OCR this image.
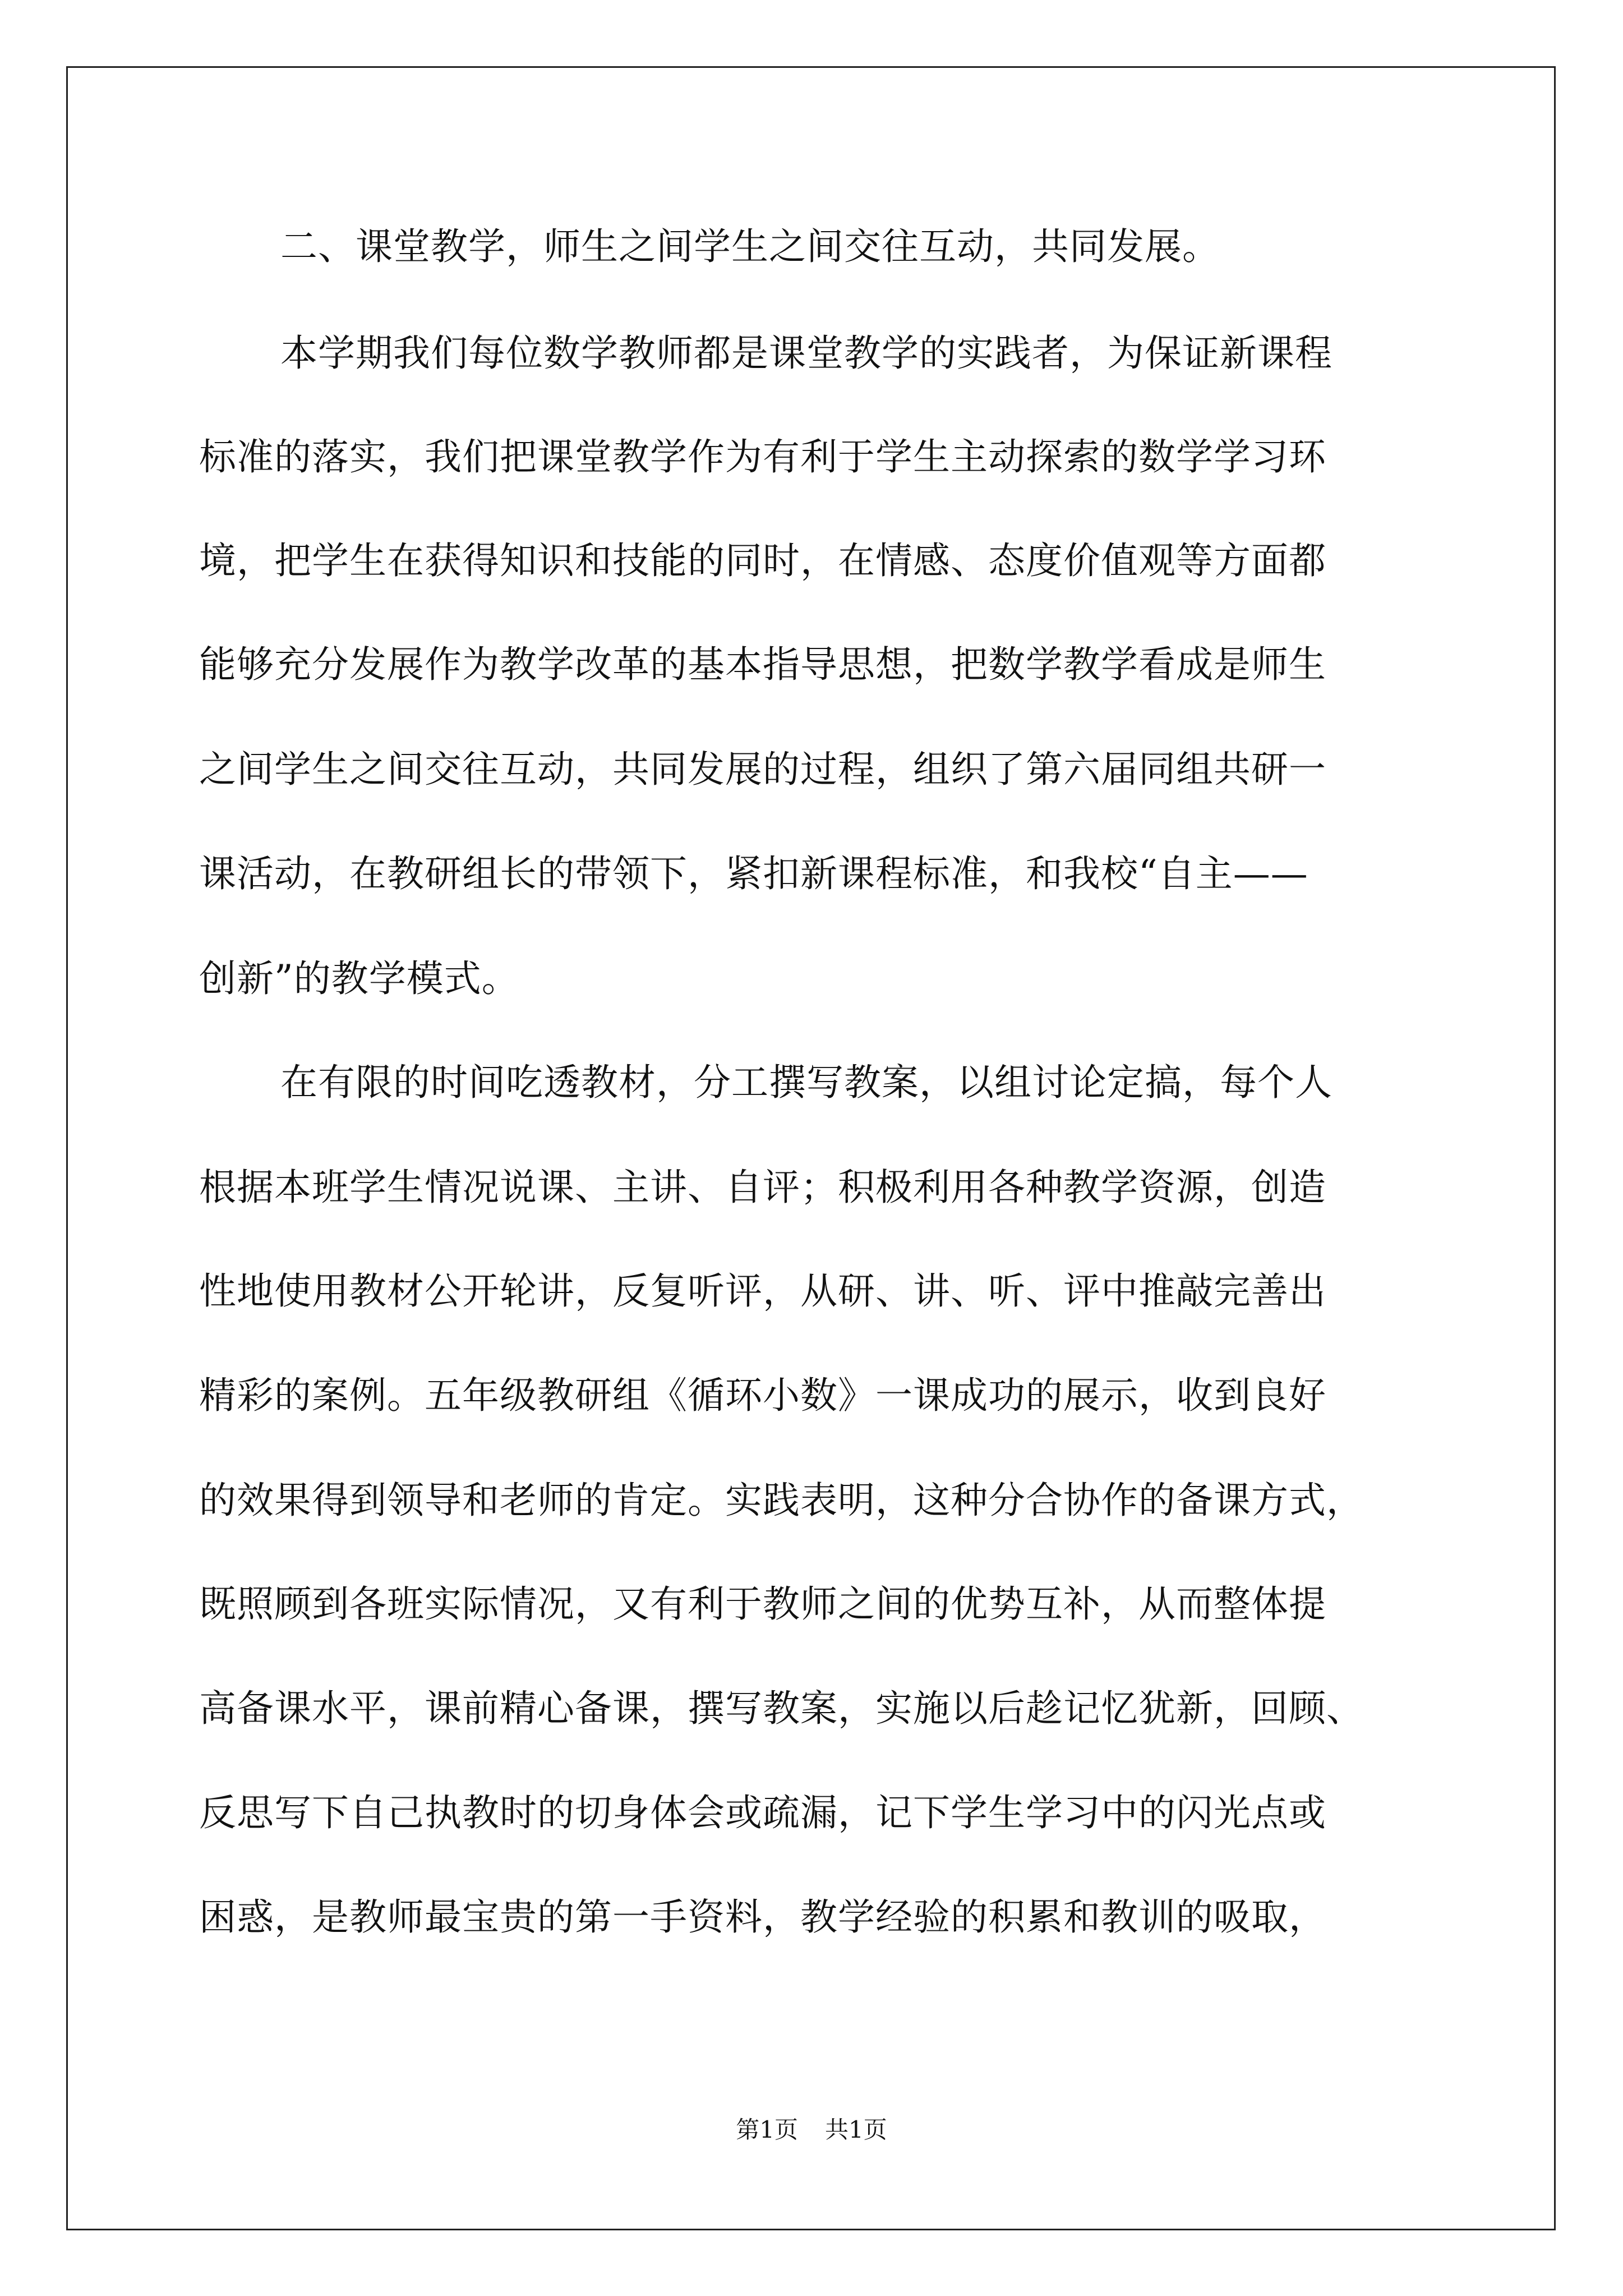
二、课堂教学，师生之间学生之间交往互动，共同发展。
本学期我们每位数学教师都是课堂教学的实践者，为保证新课程
标准的落实，我们把课堂教学作为有利于学生主动探索的数学学习环
境，把学生在获得知识和技能的同时，在情感、态度价值观等方面都
能够充分发展作为教学改革的基本指导思想，把数学教学看成是师生
之间学生之间交往互动，共同发展的过程，组织了第六届同组共研一
课活动，在教研组长的带领下，紧扣新课程标准，和我校“自主——
创新”的教学模式。
在有限的时间吃透教材，分工撰写教案，以组讨论定搞，每个人
根据本班学生情况说课、主讲、自评；积极利用各种教学资源，创造
性地使用教材公开轮讲，反复听评，从研、讲、听、评中推敲完善出
精彩的案例。五年级教研组《循环小数》一课成功的展示，收到良好
的效果得到领导和老师的肯定。实践表明，这种分合协作的备课方式，
既照顾到各班实际情况，又有利于教师之间的优势互补，从而整体提
高备课水平，课前精心备课，撰写教案，实施以后趁记忆犹新，回顾、
反思写下自己执教时的切身体会或疏漏，记下学生学习中的闪光点或
困惑，是教师最宝贵的第一手资料，教学经验的积累和教训的吸取，
第1页 共1页
